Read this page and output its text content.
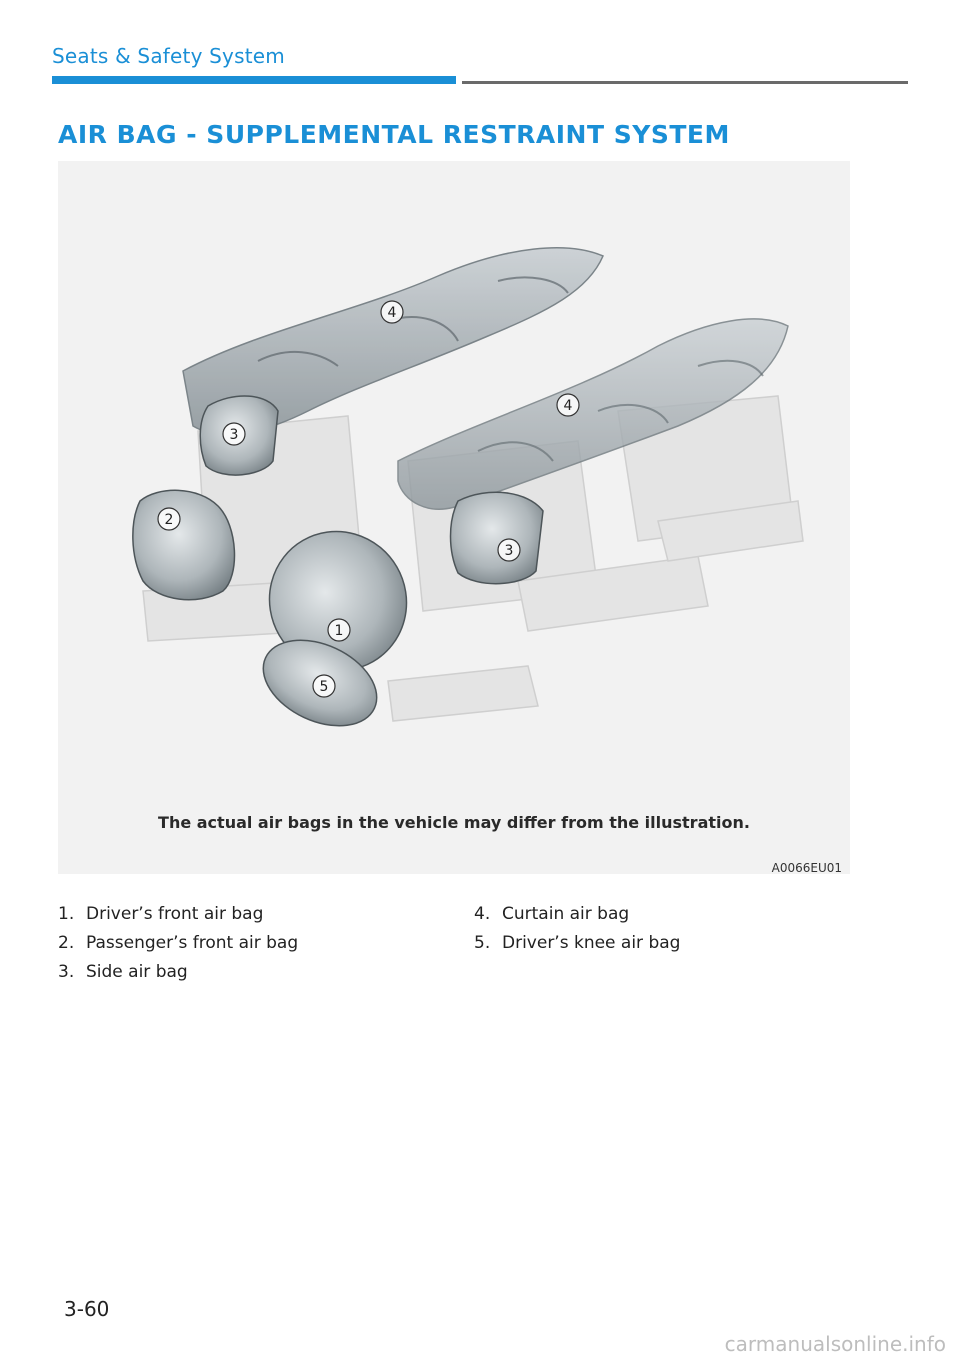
Seats & Safety System
AIR BAG - SUPPLEMENTAL RESTRAINT SYSTEM
4
4
3
3
2
1
5
The actual air bags in the vehicle may differ from the illustration.
A0066EU01
1. Driver’s front air bag
2. Passenger’s front air bag
3. Side air bag
4. Curtain air bag
5. Driver’s knee air bag
3-60
carmanualsonline.info
